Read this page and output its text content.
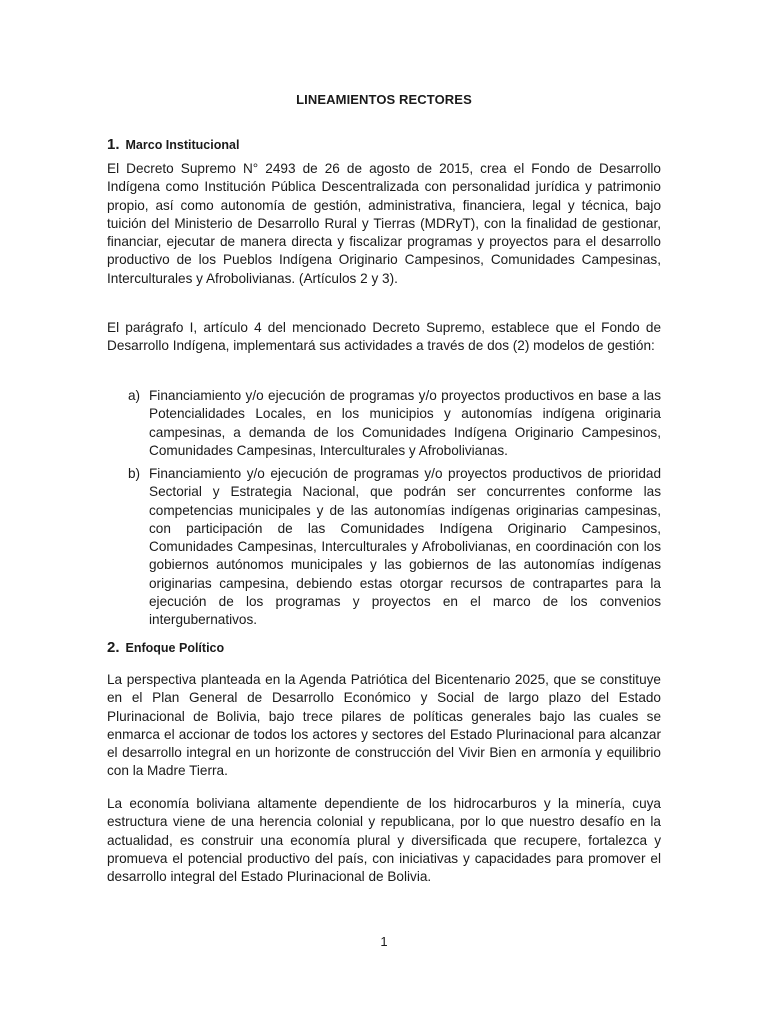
LINEAMIENTOS RECTORES
1. Marco Institucional

El Decreto Supremo N° 2493 de 26 de agosto de 2015, crea el Fondo de Desarrollo Indígena como Institución Pública Descentralizada con personalidad jurídica y patrimonio propio, así como autonomía de gestión, administrativa, financiera, legal y técnica, bajo tuición del Ministerio de Desarrollo Rural y Tierras (MDRyT), con la finalidad de gestionar, financiar, ejecutar de manera directa y fiscalizar programas y proyectos para el desarrollo productivo de los Pueblos Indígena Originario Campesinos, Comunidades Campesinas, Interculturales y Afrobolivianas. (Artículos 2 y 3).

El parágrafo I, artículo 4 del mencionado Decreto Supremo, establece que el Fondo de Desarrollo Indígena, implementará sus actividades a través de dos (2) modelos de gestión:

a) Financiamiento y/o ejecución de programas y/o proyectos productivos en base a las Potencialidades Locales, en los municipios y autonomías indígena originaria campesinas, a demanda de los Comunidades Indígena Originario Campesinos, Comunidades Campesinas, Interculturales y Afrobolivianas.
b) Financiamiento y/o ejecución de programas y/o proyectos productivos de prioridad Sectorial y Estrategia Nacional, que podrán ser concurrentes conforme las competencias municipales y de las autonomías indígenas originarias campesinas, con participación de las Comunidades Indígena Originario Campesinos, Comunidades Campesinas, Interculturales y Afrobolivianas, en coordinación con los gobiernos autónomos municipales y las gobiernos de las autonomías indígenas originarias campesina, debiendo estas otorgar recursos de contrapartes para la ejecución de los programas y proyectos en el marco de los convenios intergubernativos.
2. Enfoque Político

La perspectiva planteada en la Agenda Patriótica del Bicentenario 2025, que se constituye en el Plan General de Desarrollo Económico y Social de largo plazo del Estado Plurinacional de Bolivia, bajo trece pilares de políticas generales bajo las cuales se enmarca el accionar de todos los actores y sectores del Estado Plurinacional para alcanzar el desarrollo integral en un horizonte de construcción del Vivir Bien en armonía y equilibrio con la Madre Tierra.

La economía boliviana altamente dependiente de los hidrocarburos y la minería, cuya estructura viene de una herencia colonial y republicana, por lo que nuestro desafío en la actualidad, es construir una economía plural y diversificada que recupere, fortalezca y promueva el potencial productivo del país, con iniciativas y capacidades para promover el desarrollo integral del Estado Plurinacional de Bolivia.

1
